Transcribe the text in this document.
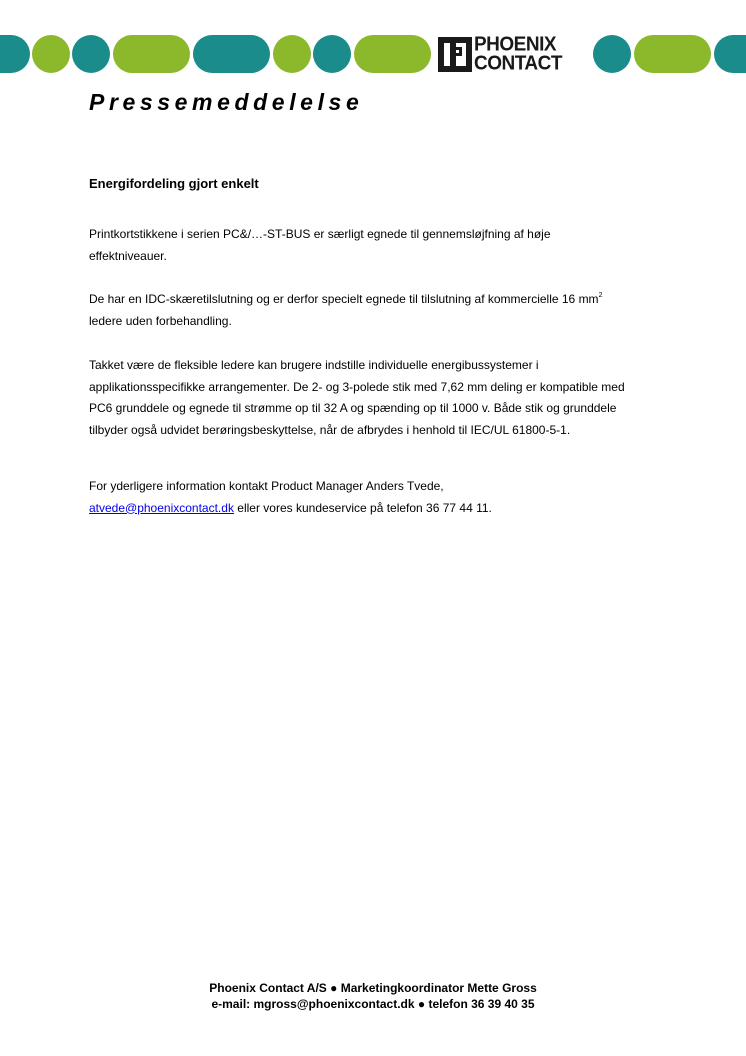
PHOENIX
CONTACT
Pressemeddelelse
Energifordeling gjort enkelt

Printkortstikkene i serien PC&/…-ST-BUS er særligt egnede til gennemsløjfning af høje effektniveauer.

De har en IDC-skæretilslutning og er derfor specielt egnede til tilslutning af kommercielle 16 $mm^2$ ledere uden forbehandling.

Takket være de fleksible ledere kan brugere indstille individuelle energibussystemer i applikationsspecifikke arrangementer. De 2- og 3-polede stik med 7,62 mm deling er kompatible med PC6 grunddele og egnede til strømme op til 32 A og spænding op til 1000 v. Både stik og grunddele tilbyder også udvidet berøringsbeskyttelse, når de afbrydes i henhold til IEC/UL 61800-5-1.

For yderligere information kontakt Product Manager Anders Tvede,

atvede@phoenixcontact.dk eller vores kundeservice på telefon 36 77 44 11.

Phoenix Contact A/S ● Marketingkoordinator Mette Gross
e-mail: mgross@phoenixcontact.dk ● telefon 36 39 40 35
